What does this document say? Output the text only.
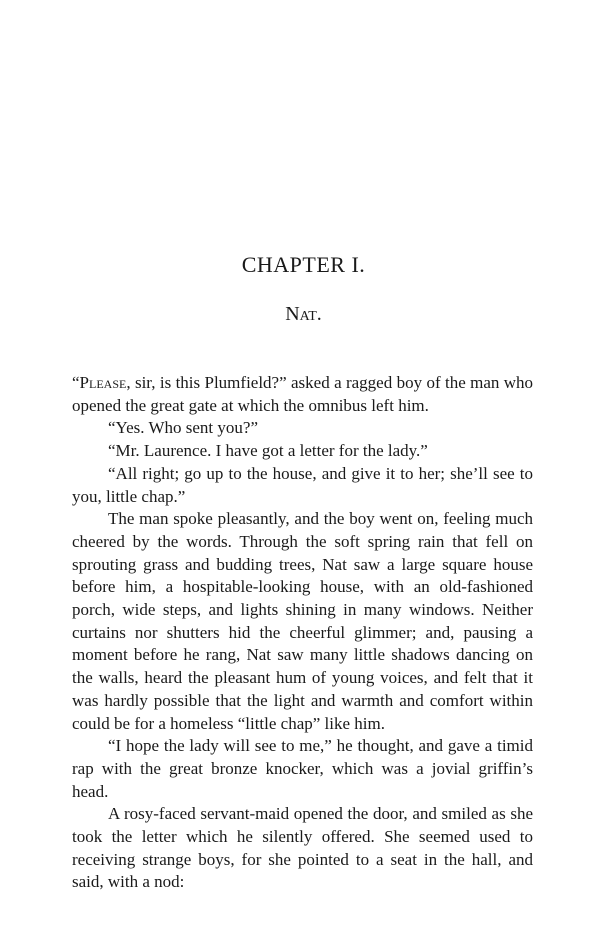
CHAPTER I.
Nat.

“Please, sir, is this Plumfield?” asked a ragged boy of the man who opened the great gate at which the omnibus left him.

“Yes. Who sent you?”

“Mr. Laurence. I have got a letter for the lady.”

“All right; go up to the house, and give it to her; she’ll see to you, little chap.”

The man spoke pleasantly, and the boy went on, feeling much cheered by the words. Through the soft spring rain that fell on sprouting grass and budding trees, Nat saw a large square house before him, a hospitable-looking house, with an old-fashioned porch, wide steps, and lights shining in many windows. Neither curtains nor shutters hid the cheerful glimmer; and, pausing a moment before he rang, Nat saw many little shadows dancing on the walls, heard the pleasant hum of young voices, and felt that it was hardly possible that the light and warmth and comfort within could be for a homeless “little chap” like him.

“I hope the lady will see to me,” he thought, and gave a timid rap with the great bronze knocker, which was a jovial griffin’s head.

A rosy-faced servant-maid opened the door, and smiled as she took the letter which he silently offered. She seemed used to receiving strange boys, for she pointed to a seat in the hall, and said, with a nod:
